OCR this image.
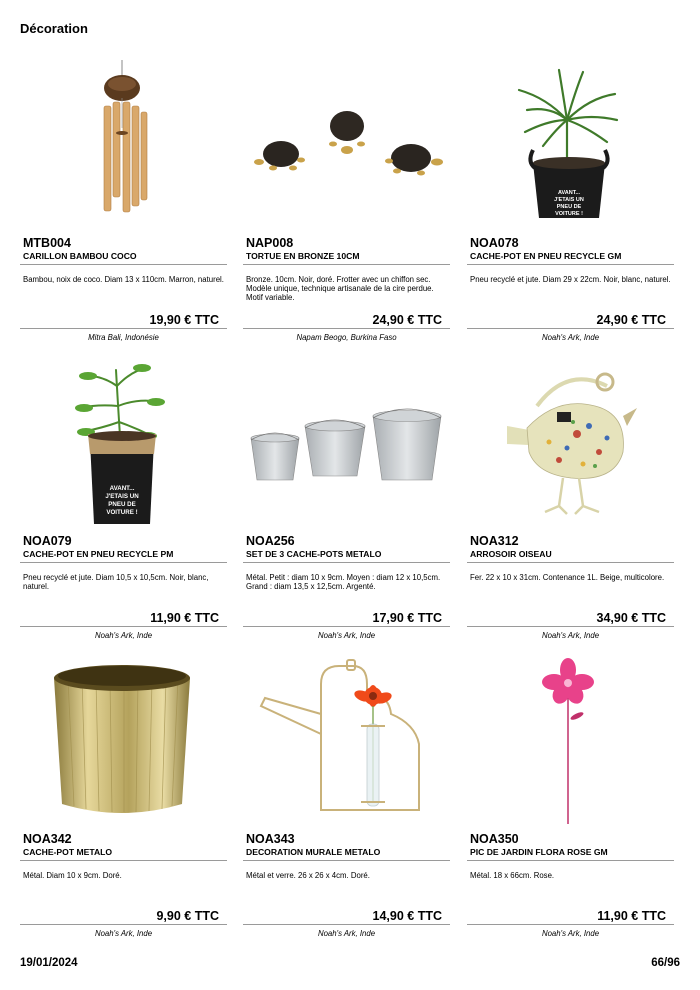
Décoration
MTB004
CARILLON BAMBOU COCO
Bambou, noix de coco. Diam 13 x 110cm. Marron, naturel.
19,90 € TTC
Mitra Bali, Indonésie
NAP008
TORTUE EN BRONZE 10CM
Bronze. 10cm. Noir, doré. Frotter avec un chiffon sec. Modèle unique, technique artisanale de la cire perdue. Motif variable.
24,90 € TTC
Napam Beogo, Burkina Faso
AVANT...
J'ETAIS UN
PNEU DE
VOITURE !
NOA078
CACHE-POT EN PNEU RECYCLE GM
Pneu recyclé et jute. Diam 29 x 22cm. Noir, blanc, naturel.
24,90 € TTC
Noah's Ark, Inde
AVANT...
J'ETAIS UN
PNEU DE
VOITURE !
NOA079
CACHE-POT EN PNEU RECYCLE PM
Pneu recyclé et jute. Diam 10,5 x 10,5cm. Noir, blanc, naturel.
11,90 € TTC
Noah's Ark, Inde
NOA256
SET DE 3 CACHE-POTS METALO
Métal. Petit : diam 10 x 9cm. Moyen : diam 12 x 10,5cm. Grand : diam 13,5 x 12,5cm. Argenté.
17,90 € TTC
Noah's Ark, Inde
NOA312
ARROSOIR OISEAU
Fer. 22 x 10 x 31cm. Contenance 1L. Beige, multicolore.
34,90 € TTC
Noah's Ark, Inde
NOA342
CACHE-POT METALO
Métal. Diam 10 x 9cm. Doré.
9,90 € TTC
Noah's Ark, Inde
NOA343
DECORATION MURALE METALO
Métal et verre. 26 x 26 x 4cm. Doré.
14,90 € TTC
Noah's Ark, Inde
NOA350
PIC DE JARDIN FLORA ROSE GM
Métal. 18 x 66cm. Rose.
11,90 € TTC
Noah's Ark, Inde
19/01/2024	66/96
